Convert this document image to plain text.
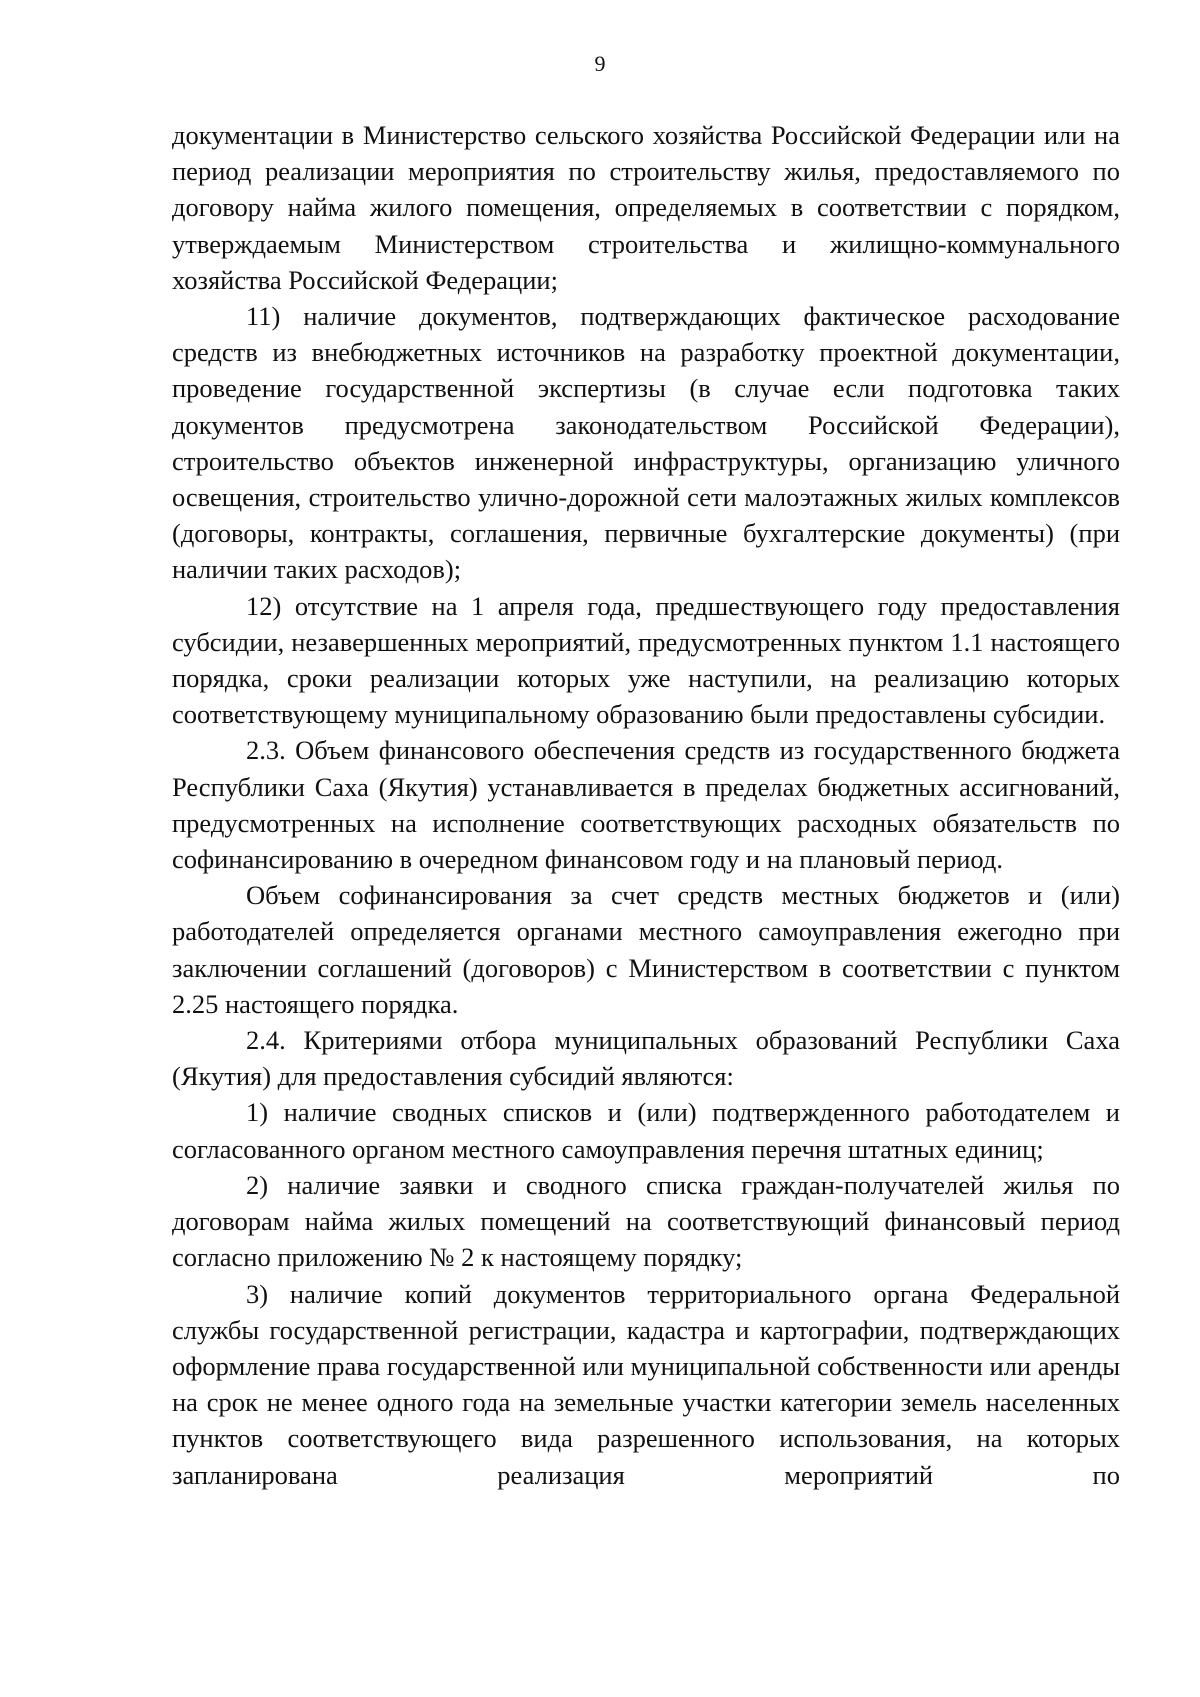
9

документации в Министерство сельского хозяйства Российской Федерации или на период реализации мероприятия по строительству жилья, предоставляемого по договору найма жилого помещения, определяемых в соответствии с порядком, утверждаемым Министерством строительства и жилищно-коммунального хозяйства Российской Федерации;

11) наличие документов, подтверждающих фактическое расходование средств из внебюджетных источников на разработку проектной документации, проведение государственной экспертизы (в случае если подготовка таких документов предусмотрена законодательством Российской Федерации), строительство объектов инженерной инфраструктуры, организацию уличного освещения, строительство улично-дорожной сети малоэтажных жилых комплексов (договоры, контракты, соглашения, первичные бухгалтерские документы) (при наличии таких расходов);

12) отсутствие на 1 апреля года, предшествующего году предоставления субсидии, незавершенных мероприятий, предусмотренных пунктом 1.1 настоящего порядка, сроки реализации которых уже наступили, на реализацию которых соответствующему муниципальному образованию были предоставлены субсидии.

2.3. Объем финансового обеспечения средств из государственного бюджета Республики Саха (Якутия) устанавливается в пределах бюджетных ассигнований, предусмотренных на исполнение соответствующих расходных обязательств по софинансированию в очередном финансовом году и на плановый период.

Объем софинансирования за счет средств местных бюджетов и (или) работодателей определяется органами местного самоуправления ежегодно при заключении соглашений (договоров) с Министерством в соответствии с пунктом 2.25 настоящего порядка.

2.4. Критериями отбора муниципальных образований Республики Саха (Якутия) для предоставления субсидий являются:

1) наличие сводных списков и (или) подтвержденного работодателем и согласованного органом местного самоуправления перечня штатных единиц;

2) наличие заявки и сводного списка граждан-получателей жилья по договорам найма жилых помещений на соответствующий финансовый период согласно приложению № 2 к настоящему порядку;

3) наличие копий документов территориального органа Федеральной службы государственной регистрации, кадастра и картографии, подтверждающих оформление права государственной или муниципальной собственности или аренды на срок не менее одного года на земельные участки категории земель населенных пунктов соответствующего вида разрешенного использования, на которых запланирована реализация мероприятий по
